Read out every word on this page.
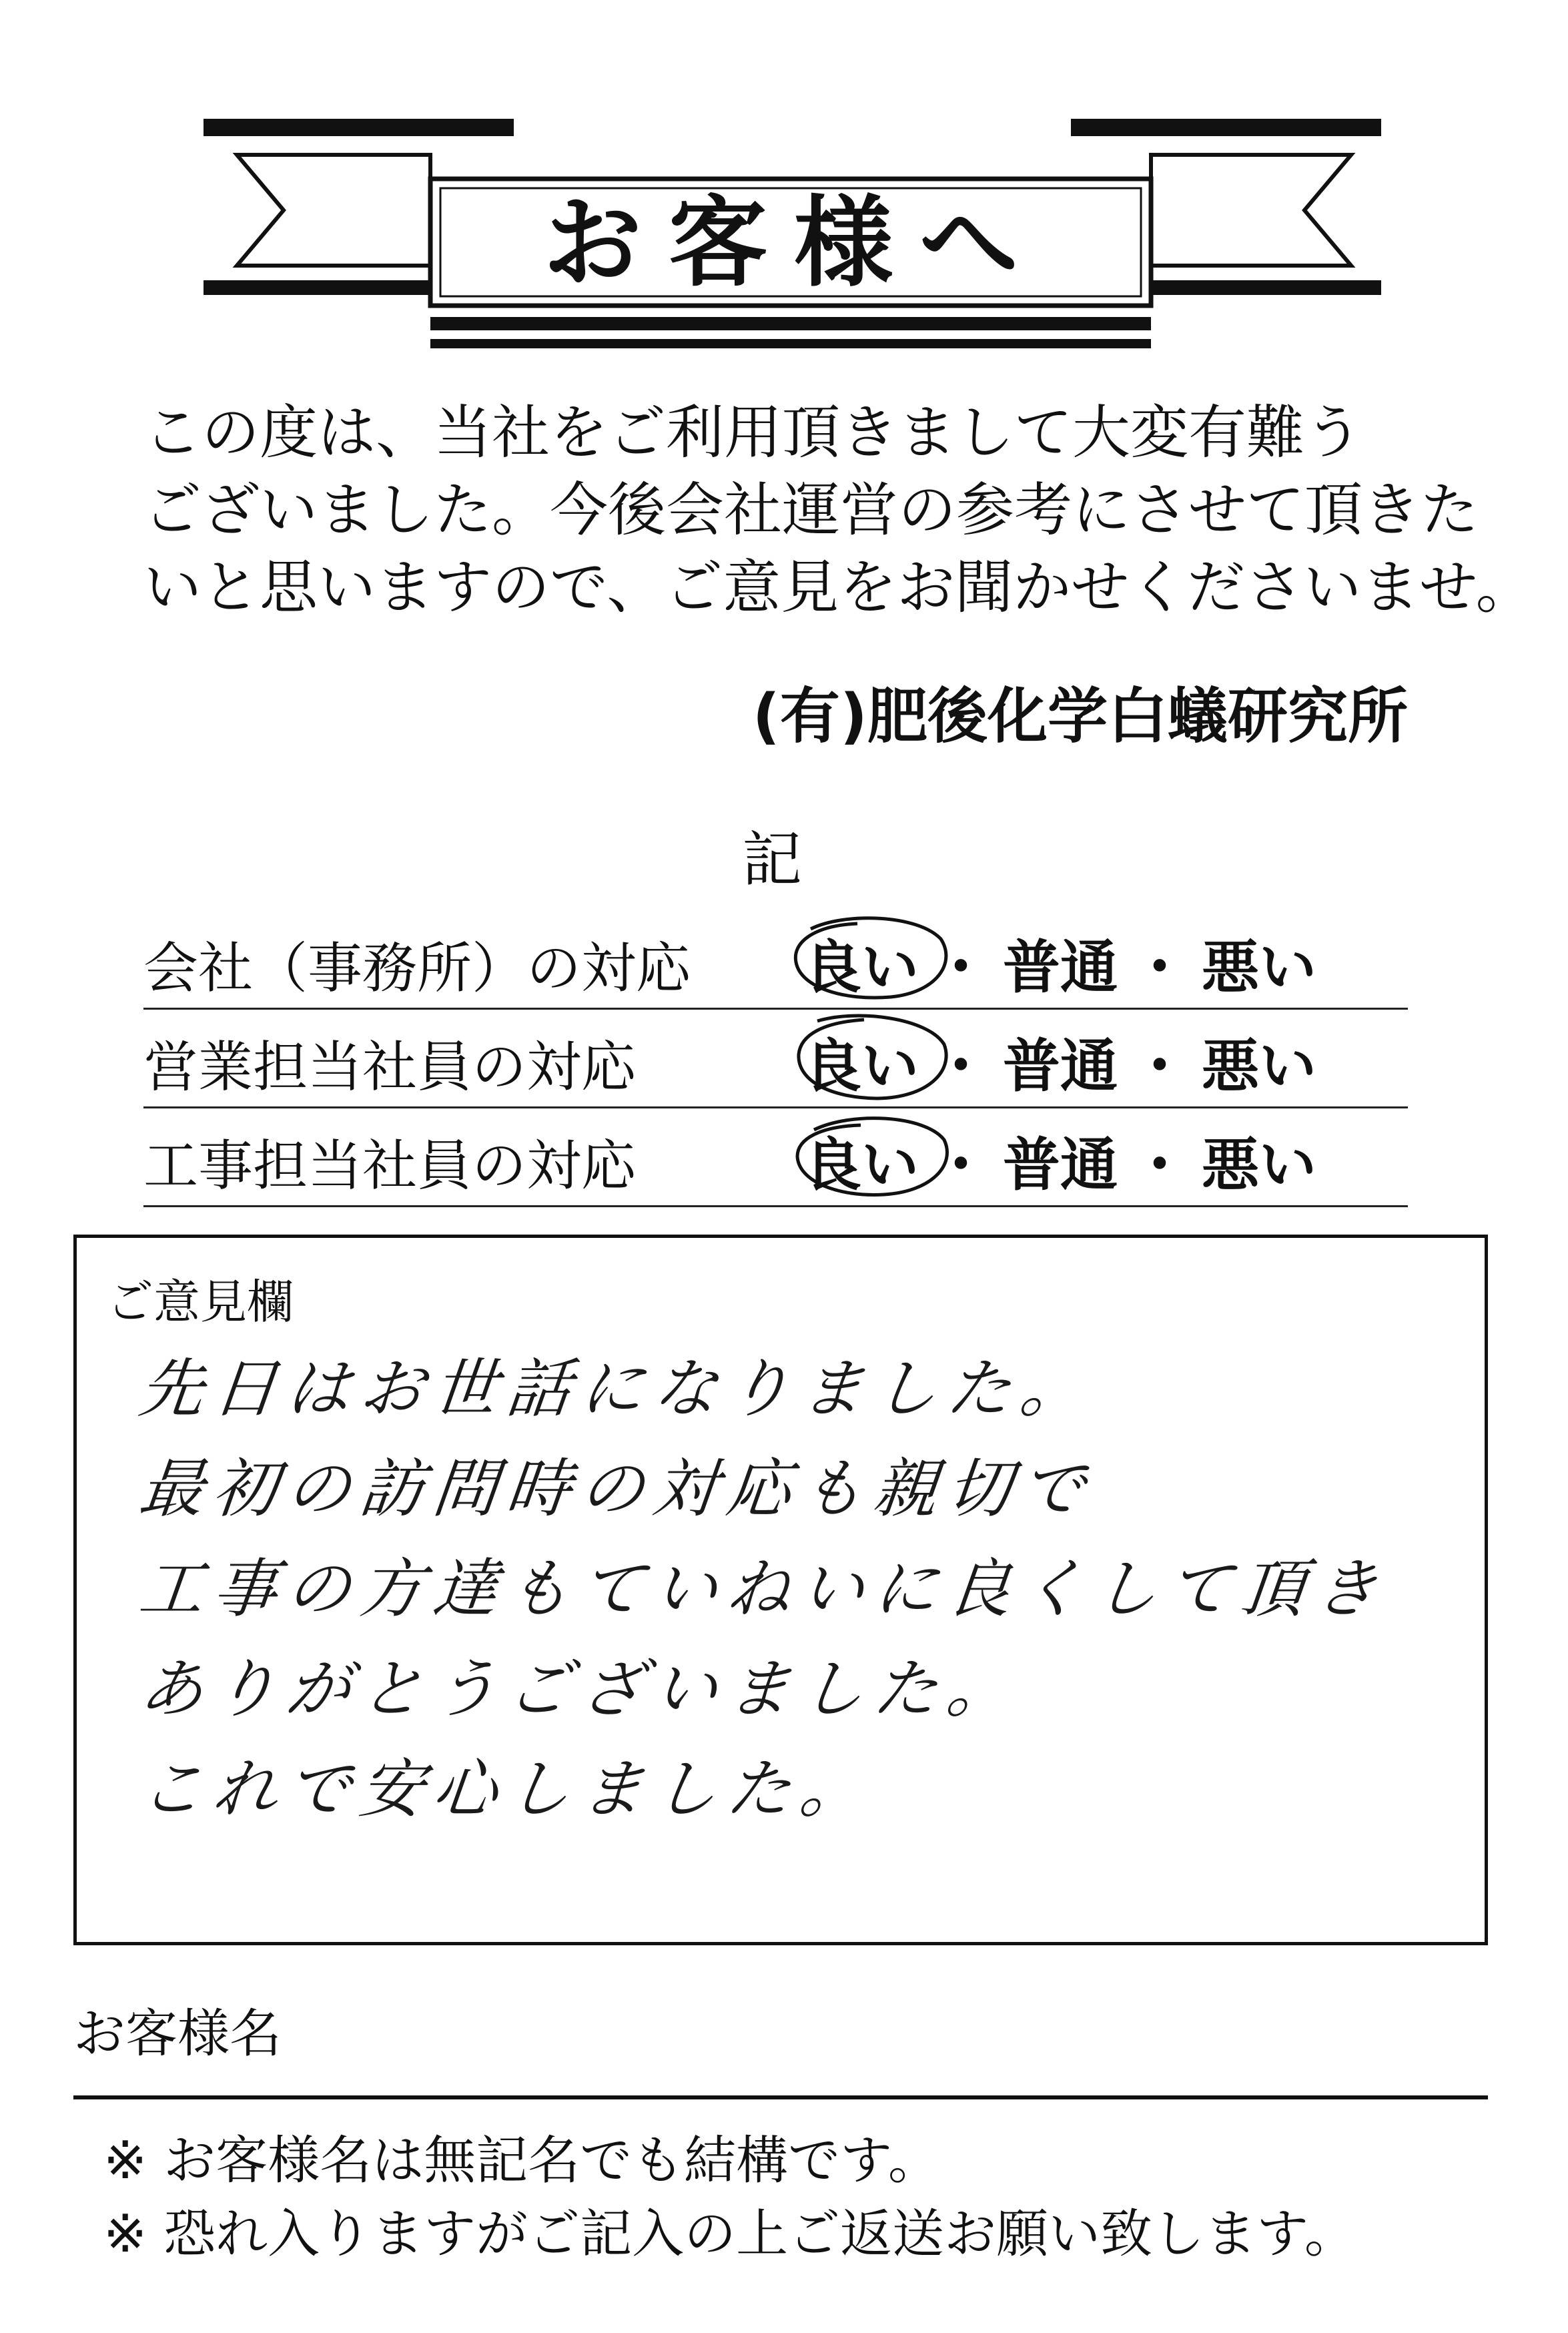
お客様へ
この度は、当社をご利用頂きまして大変有難う
ございました。今後会社運営の参考にさせて頂きた
いと思いますので、ご意見をお聞かせくださいませ。
(有)肥後化学白蟻研究所
記
会社（事務所）の対応 良い ・ 普通 ・ 悪い
営業担当社員の対応	良い ・ 普通 ・ 悪い
工事担当社員の対応	良い ・ 普通 ・ 悪い
ご意見欄
先日はお世話になりました。
最初の訪問時の対応も親切で
工事の方達もていねいに良くして頂き
ありがとうございました。
これで安心しました。
お客様名
※ お客様名は無記名でも結構です。
※ 恐れ入りますがご記入の上ご返送お願い致します。
